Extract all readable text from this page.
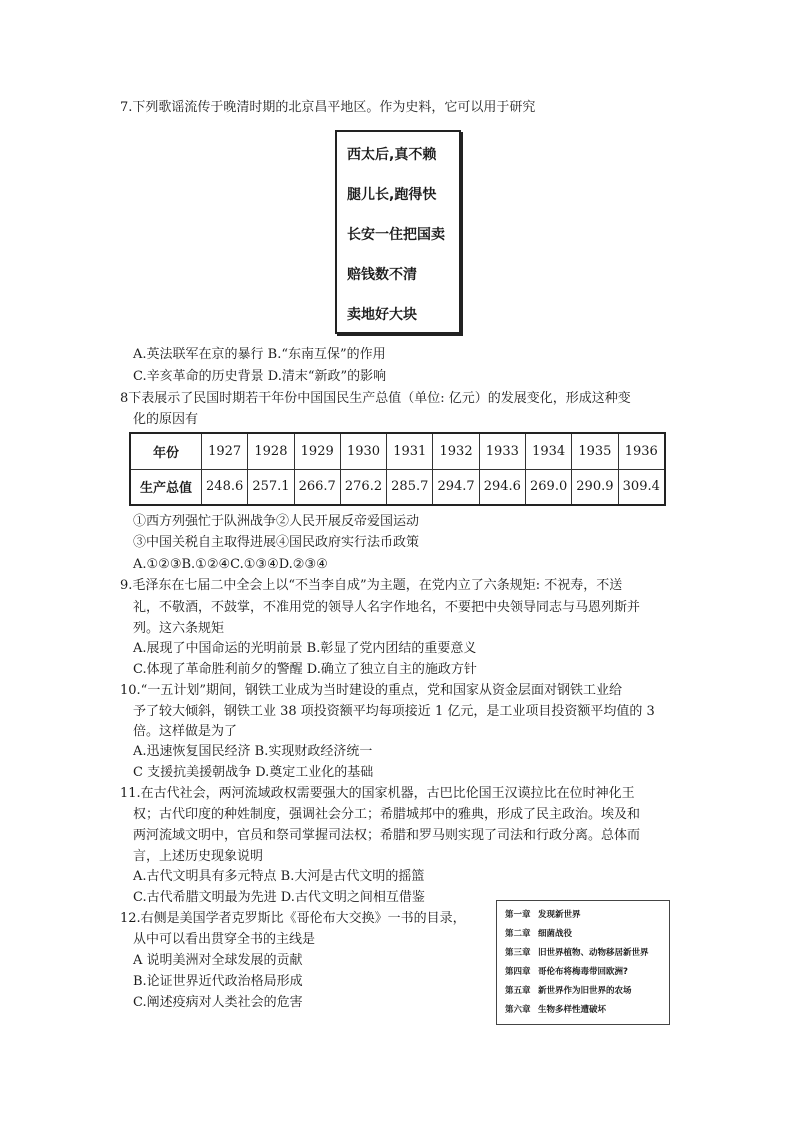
7.下列歌谣流传于晚清时期的北京昌平地区。作为史料，它可以用于研究
西太后,真不赖
腿儿长,跑得快
长安一住把国卖
赔钱数不清
卖地好大块
A.英法联军在京的暴行 B.“东南互保”的作用
C.辛亥革命的历史背景 D.清末“新政”的影响
8下表展示了民国时期若干年份中国国民生产总值（单位: 亿元）的发展变化，形成这种变
化的原因有
年份	1927	1928	1929	1930	1931	1932	1933	1934	1935	1936
生产总值	248.6	257.1	266.7	276.2	285.7	294.7	294.6	269.0	290.9	309.4
①西方列强忙于队洲战争②人民开展反帝爱国运动
③中国关税自主取得进展④国民政府实行法币政策
A.①②③B.①②④C.①③④D.②③④
9.毛泽东在七届二中全会上以“不当李自成”为主题，在党内立了六条规矩: 不祝寿，不送
礼，不敬酒，不鼓掌，不准用党的领导人名字作地名，不要把中央领导同志与马恩列斯并
列。这六条规矩
A.展现了中国命运的光明前景 B.彰显了党内团结的重要意义
C.体现了革命胜利前夕的警醒 D.确立了独立自主的施政方针
10.“一五计划”期间，钢铁工业成为当时建设的重点，党和国家从资金层面对钢铁工业给
予了较大倾斜，钢铁工业 38 项投资额平均每项接近 1 亿元，是工业项目投资额平均值的 3
倍。这样做是为了
A.迅速恢复国民经济 B.实现财政经济统一
C 支援抗美援朝战争 D.奠定工业化的基础
11.在古代社会，两河流域政权需要强大的国家机器，古巴比伦国王汉谟拉比在位时神化王
权；古代印度的种姓制度，强调社会分工；希腊城邦中的雅典，形成了民主政治。埃及和
两河流域文明中，官员和祭司掌握司法权；希腊和罗马则实现了司法和行政分离。总体而
言，上述历史现象说明
A.古代文明具有多元特点 B.大河是古代文明的摇篮
C.古代希腊文明最为先进 D.古代文明之间相互借鉴
12.右侧是美国学者克罗斯比《哥伦布大交换》一书的目录，
从中可以看出贯穿全书的主线是
A 说明美洲对全球发展的贡献
B.论证世界近代政治格局形成
C.阐述疫病对人类社会的危害
第一章 发现新世界
第二章 细菌战役
第三章 旧世界植物、动物移居新世界
第四章 哥伦布将梅毒带回欧洲?
第五章 新世界作为旧世界的农场
第六章 生物多样性遭破坏
